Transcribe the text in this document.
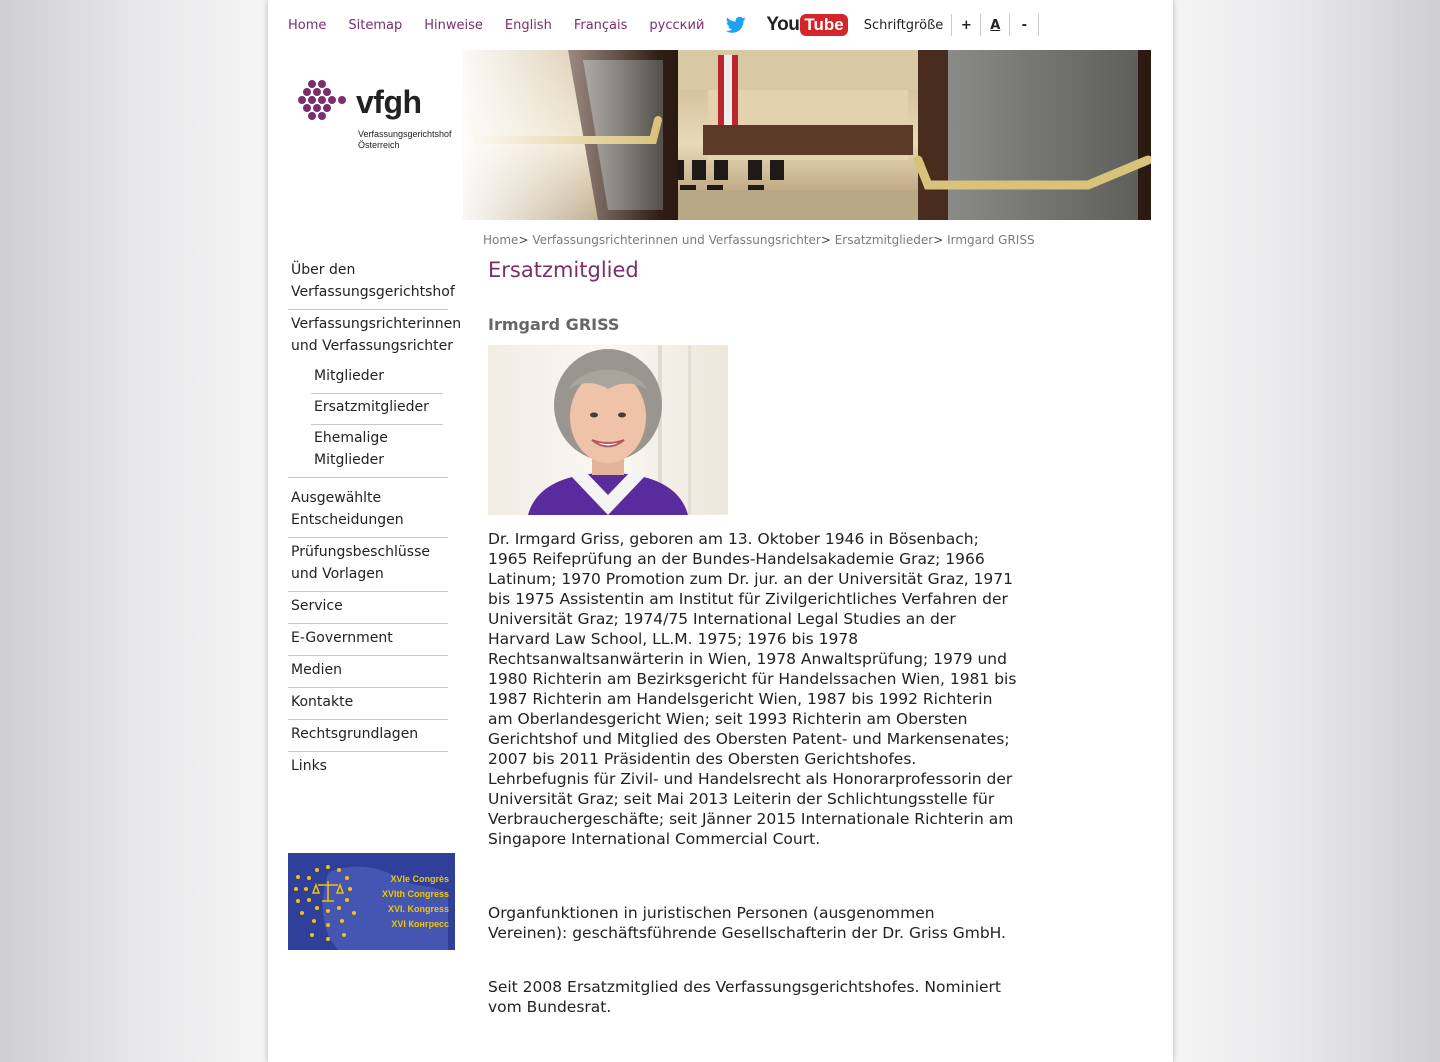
Home Sitemap Hinweise English Français русский	You Tube	Schriftgröße	+	A	-
vfgh
Verfassungsgerichtshof
Österreich
Home> Verfassungsrichterinnen und Verfassungsrichter> Ersatzmitglieder> Irmgard GRISS
Über den Verfassungsgerichtshof
Verfassungsrichterinnen und Verfassungsrichter
Mitglieder
Ersatzmitglieder
Ehemalige Mitglieder
Ausgewählte Entscheidungen
Prüfungsbeschlüsse und Vorlagen
Service
E-Government
Medien
Kontakte
Rechtsgrundlagen
Links
XVIe Congrès
XVIth Congress
XVI. Kongress
XVI Конгресс
Ersatzmitglied
Irmgard GRISS

Dr. Irmgard Griss, geboren am 13. Oktober 1946 in Bösenbach; 1965 Reifeprüfung an der Bundes-Handelsakademie Graz; 1966 Latinum; 1970 Promotion zum Dr. jur. an der Universität Graz, 1971 bis 1975 Assistentin am Institut für Zivilgerichtliches Verfahren der Universität Graz; 1974/75 International Legal Studies an der Harvard Law School, LL.M. 1975; 1976 bis 1978 Rechtsanwaltsanwärterin in Wien, 1978 Anwaltsprüfung; 1979 und 1980 Richterin am Bezirksgericht für Handelssachen Wien, 1981 bis 1987 Richterin am Handelsgericht Wien, 1987 bis 1992 Richterin am Oberlandesgericht Wien; seit 1993 Richterin am Obersten Gerichtshof und Mitglied des Obersten Patent- und Markensenates; 2007 bis 2011 Präsidentin des Obersten Gerichtshofes. Lehrbefugnis für Zivil- und Handelsrecht als Honorarprofessorin der Universität Graz; seit Mai 2013 Leiterin der Schlichtungsstelle für Verbrauchergeschäfte; seit Jänner 2015 Internationale Richterin am Singapore International Commercial Court.

Organfunktionen in juristischen Personen (ausgenommen Vereinen): geschäftsführende Gesellschafterin der Dr. Griss GmbH.

Seit 2008 Ersatzmitglied des Verfassungsgerichtshofes. Nominiert vom Bundesrat.
